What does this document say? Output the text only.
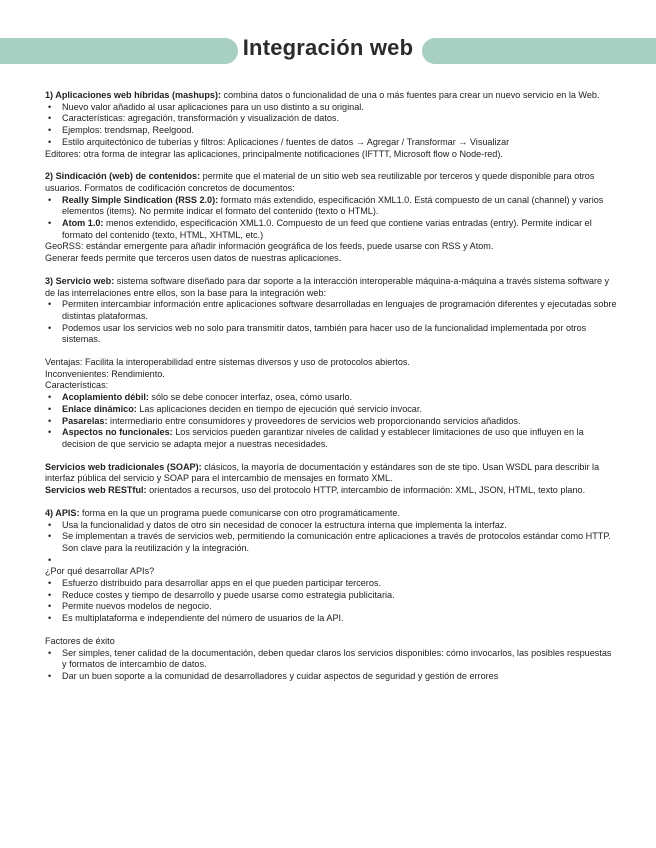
Integración web

1) Aplicaciones web híbridas (mashups): combina datos o funcionalidad de una o más fuentes para crear un nuevo servicio en la Web.

• Nuevo valor añadido al usar aplicaciones para un uso distinto a su original.
• Características: agregación, transformación y visualización de datos.
• Ejemplos: trendsmap, Reelgood.
• Estilo arquitectónico de tuberías y filtros: Aplicaciones / fuentes de datos → Agregar / Transformar → Visualizar

Editores: otra forma de integrar las aplicaciones, principalmente notificaciones (IFTTT, Microsoft flow o Node-red).

2) Sindicación (web) de contenidos: permite que el material de un sitio web sea reutilizable por terceros y quede disponible para otros usuarios. Formatos de codificación concretos de documentos:

• Really Simple Sindication (RSS 2.0): formato más extendido, especificación XML1.0. Está compuesto de un canal (channel) y varios elementos (items). No permite indicar el formato del contenido (texto o HTML).
• Atom 1.0: menos extendido, especificación XML1.0. Compuesto de un feed que contiene varias entradas (entry). Permite indicar el formato del contenido (texto, HTML, XHTML, etc.)

GeoRSS: estándar emergente para añadir información geográfica de los feeds, puede usarse con RSS y Atom.

Generar feeds permite que terceros usen datos de nuestras aplicaciones.

3) Servicio web: sistema software diseñado para dar soporte a la interacción interoperable máquina-a-máquina a través sistema software y de las interrelaciones entre ellos, son la base para la integración web:

• Permiten intercambiar información entre aplicaciones software desarrolladas en lenguajes de programación diferentes y ejecutadas sobre distintas plataformas.
• Podemos usar los servicios web no solo para transmitir datos, también para hacer uso de la funcionalidad implementada por otros sistemas.

Ventajas: Facilita la interoperabilidad entre sistemas diversos y uso de protocolos abiertos.

Inconvenientes: Rendimiento.

Características:

• Acoplamiento débil: sólo se debe conocer interfaz, osea, cómo usarlo.
• Enlace dinámico: Las aplicaciones deciden en tiempo de ejecución qué servicio invocar.
• Pasarelas: intermediario entre consumidores y proveedores de servicios web proporcionando servicios añadidos.
• Aspectos no funcionales: Los servicios pueden garantizar niveles de calidad y establecer limitaciones de uso que influyen en la decision de que servicio se adapta mejor a nuestras necesidades.

Servicios web tradicionales (SOAP): clásicos, la mayoría de documentación y estándares son de ste tipo. Usan WSDL para describir la interfaz pública del servicio y SOAP para el intercambio de mensajes en formato XML.

Servicios web RESTful: orientados a recursos, uso del protocolo HTTP, intercambio de información: XML, JSON, HTML, texto plano.

4) APIS: forma en la que un programa puede comunicarse con otro programáticamente.

• Usa la funcionalidad y datos de otro sin necesidad de conocer la estructura interna que implementa la interfaz.
• Se implementan a través de servicios web, permitiendo la comunicación entre aplicaciones a través de protocolos estándar como HTTP. Son clave para la reutilización y la integración.
•

¿Por qué desarrollar APIs?

• Esfuerzo distribuido para desarrollar apps en el que pueden participar terceros.
• Reduce costes y tiempo de desarrollo y puede usarse como estrategia publicitaria.
• Permite nuevos modelos de negocio.
• Es multiplataforma e independiente del número de usuarios de la API.

Factores de éxito

• Ser simples, tener calidad de la documentación, deben quedar claros los servicios disponibles: cómo invocarlos, las posibles respuestas y formatos de intercambio de datos.
• Dar un buen soporte a la comunidad de desarrolladores y cuidar aspectos de seguridad y gestión de errores
